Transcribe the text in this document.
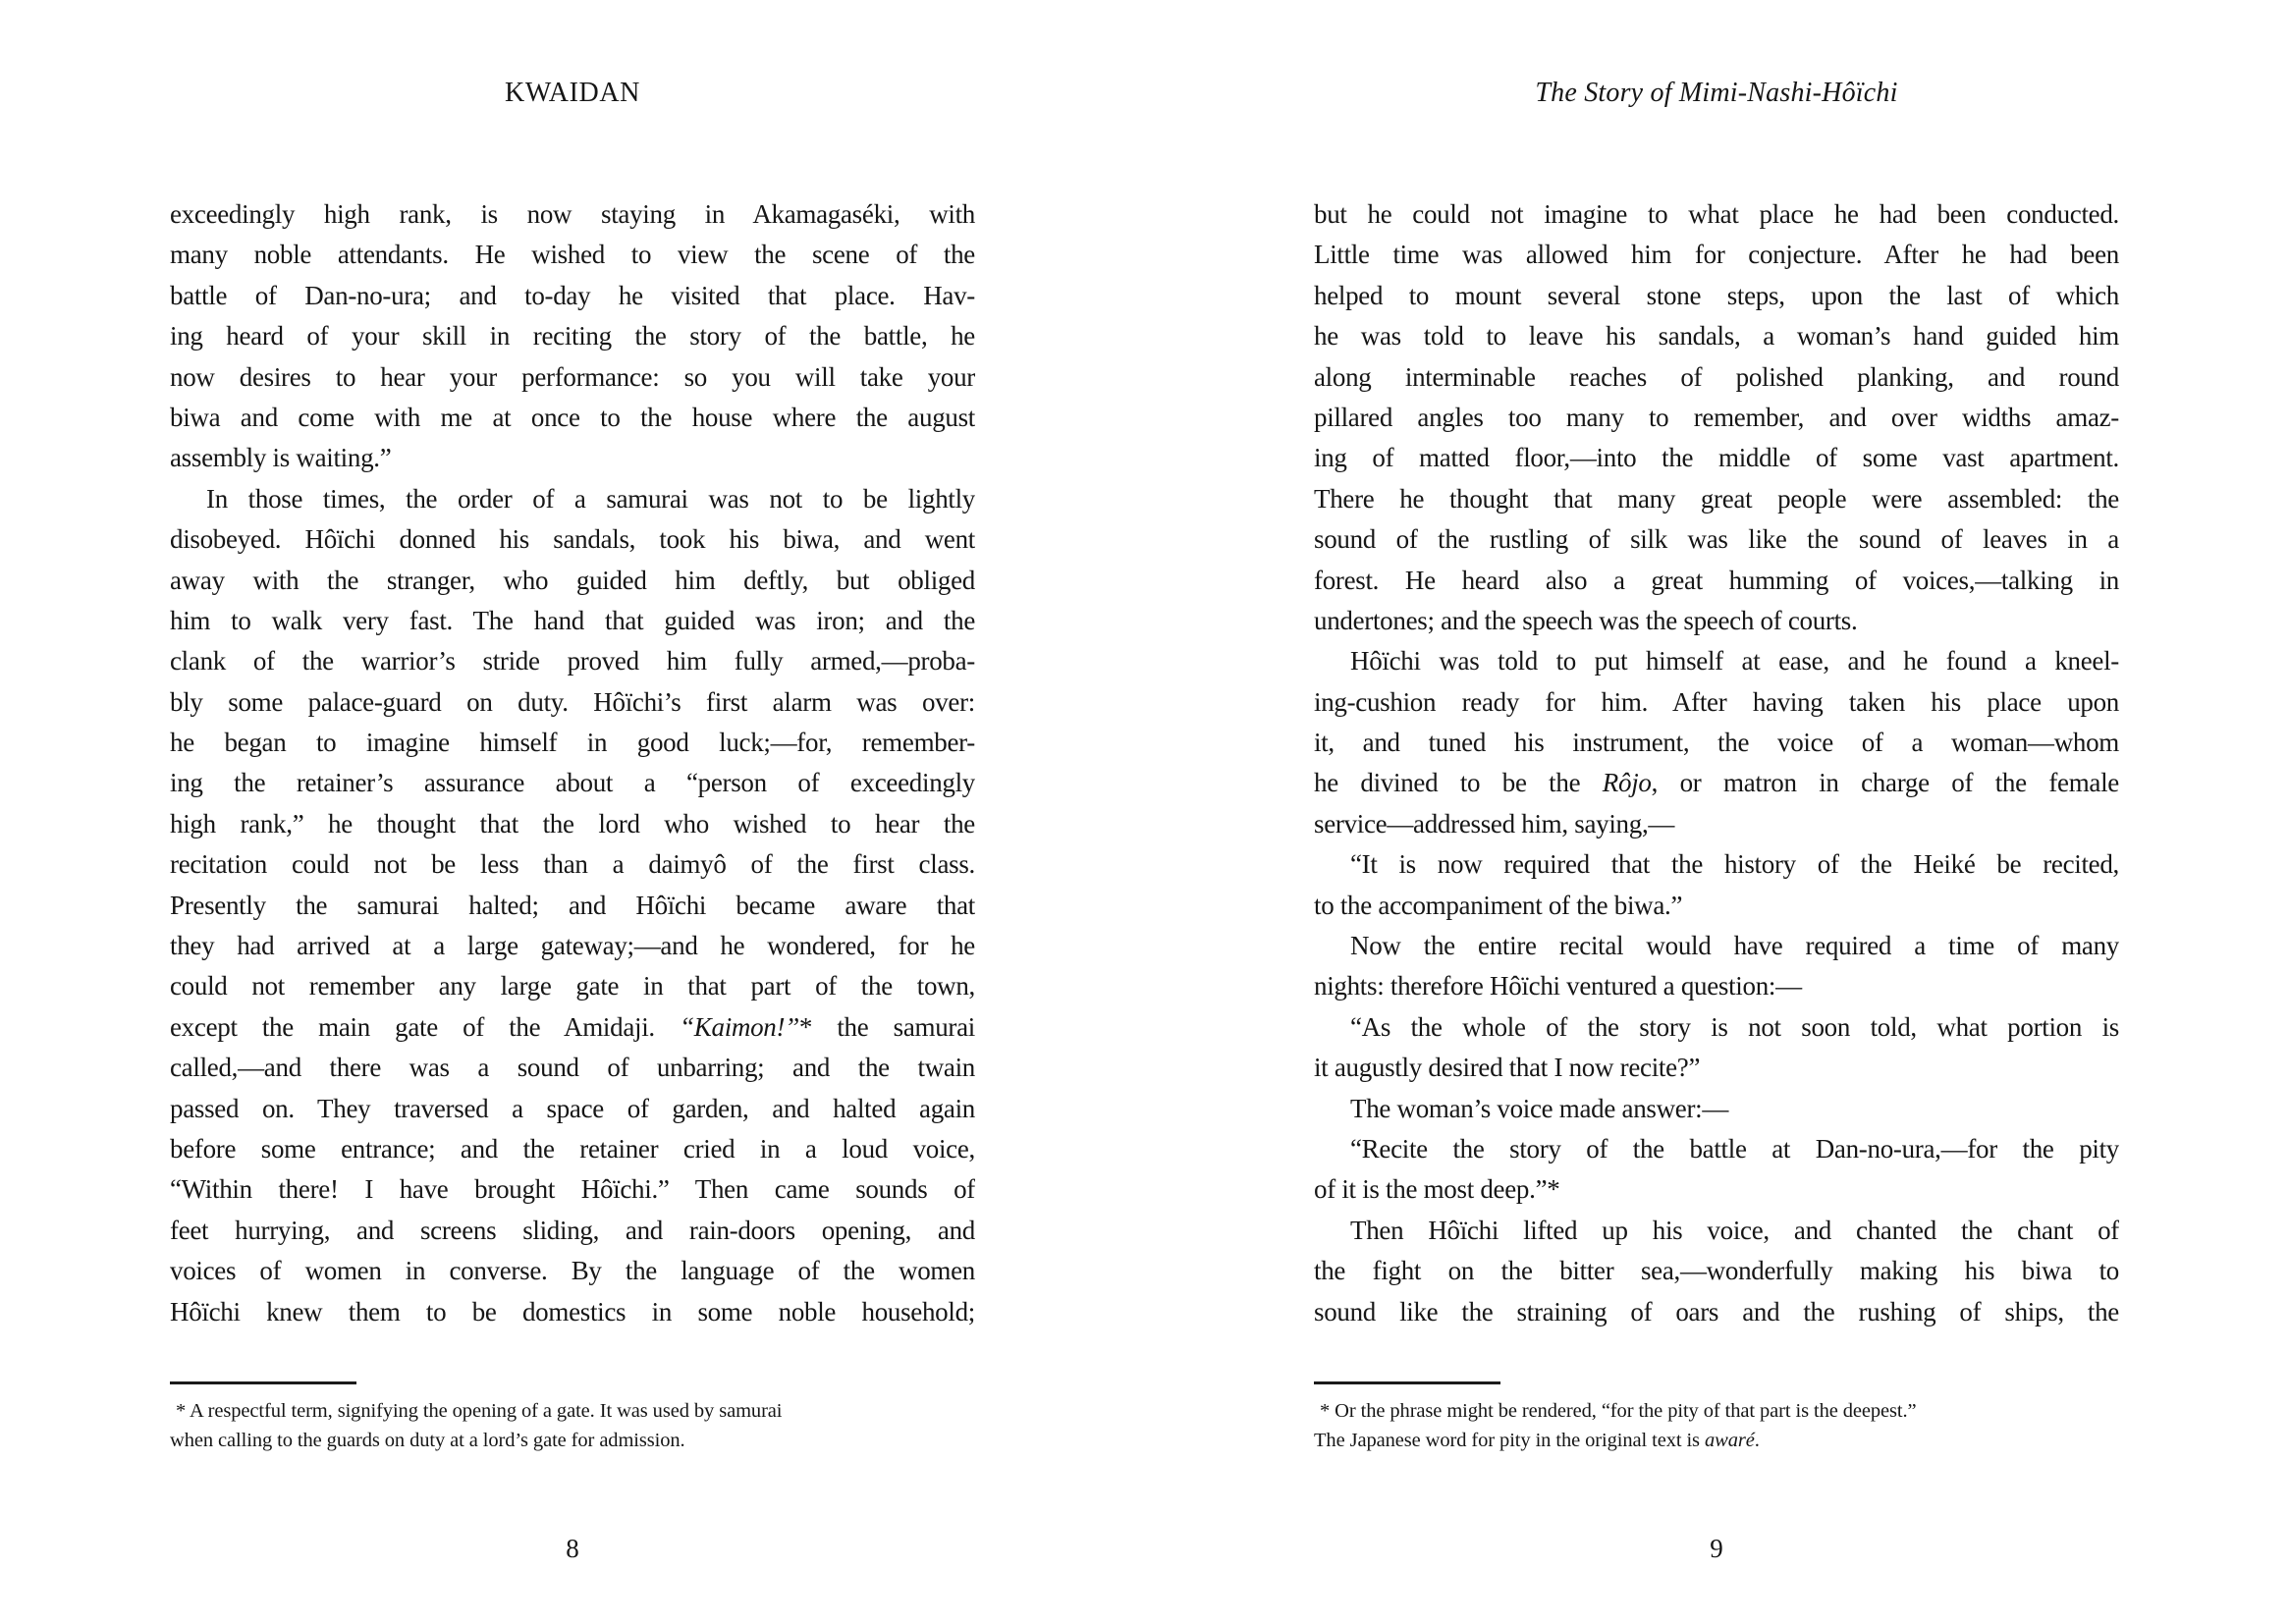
KWAIDAN
exceedingly high rank, is now staying in Akamagaséki, with
many noble attendants. He wished to view the scene of the
battle of Dan-no-ura; and to-day he visited that place. Hav-
ing heard of your skill in reciting the story of the battle, he
now desires to hear your performance: so you will take your
biwa and come with me at once to the house where the august
assembly is waiting.”
In those times, the order of a samurai was not to be lightly
disobeyed. Hôïchi donned his sandals, took his biwa, and went
away with the stranger, who guided him deftly, but obliged
him to walk very fast. The hand that guided was iron; and the
clank of the warrior’s stride proved him fully armed,—proba-
bly some palace-guard on duty. Hôïchi’s first alarm was over:
he began to imagine himself in good luck;—for, remember-
ing the retainer’s assurance about a “person of exceedingly
high rank,” he thought that the lord who wished to hear the
recitation could not be less than a daimyô of the first class.
Presently the samurai halted; and Hôïchi became aware that
they had arrived at a large gateway;—and he wondered, for he
could not remember any large gate in that part of the town,
except the main gate of the Amidaji. “Kaimon!”* the samurai
called,—and there was a sound of unbarring; and the twain
passed on. They traversed a space of garden, and halted again
before some entrance; and the retainer cried in a loud voice,
“Within there! I have brought Hôïchi.” Then came sounds of
feet hurrying, and screens sliding, and rain-doors opening, and
voices of women in converse. By the language of the women
Hôïchi knew them to be domestics in some noble household;
* A respectful term, signifying the opening of a gate. It was used by samurai
when calling to the guards on duty at a lord’s gate for admission.
8
The Story of Mimi-Nashi-Hôïchi
but he could not imagine to what place he had been conducted.
Little time was allowed him for conjecture. After he had been
helped to mount several stone steps, upon the last of which
he was told to leave his sandals, a woman’s hand guided him
along interminable reaches of polished planking, and round
pillared angles too many to remember, and over widths amaz-
ing of matted floor,—into the middle of some vast apartment.
There he thought that many great people were assembled: the
sound of the rustling of silk was like the sound of leaves in a
forest. He heard also a great humming of voices,—talking in
undertones; and the speech was the speech of courts.
Hôïchi was told to put himself at ease, and he found a kneel-
ing-cushion ready for him. After having taken his place upon
it, and tuned his instrument, the voice of a woman—whom
he divined to be the Rôjo, or matron in charge of the female
service—addressed him, saying,—
“It is now required that the history of the Heiké be recited,
to the accompaniment of the biwa.”
Now the entire recital would have required a time of many
nights: therefore Hôïchi ventured a question:—
“As the whole of the story is not soon told, what portion is
it augustly desired that I now recite?”
The woman’s voice made answer:—
“Recite the story of the battle at Dan-no-ura,—for the pity
of it is the most deep.”*
Then Hôïchi lifted up his voice, and chanted the chant of
the fight on the bitter sea,—wonderfully making his biwa to
sound like the straining of oars and the rushing of ships, the
* Or the phrase might be rendered, “for the pity of that part is the deepest.”
The Japanese word for pity in the original text is awaré.
9
